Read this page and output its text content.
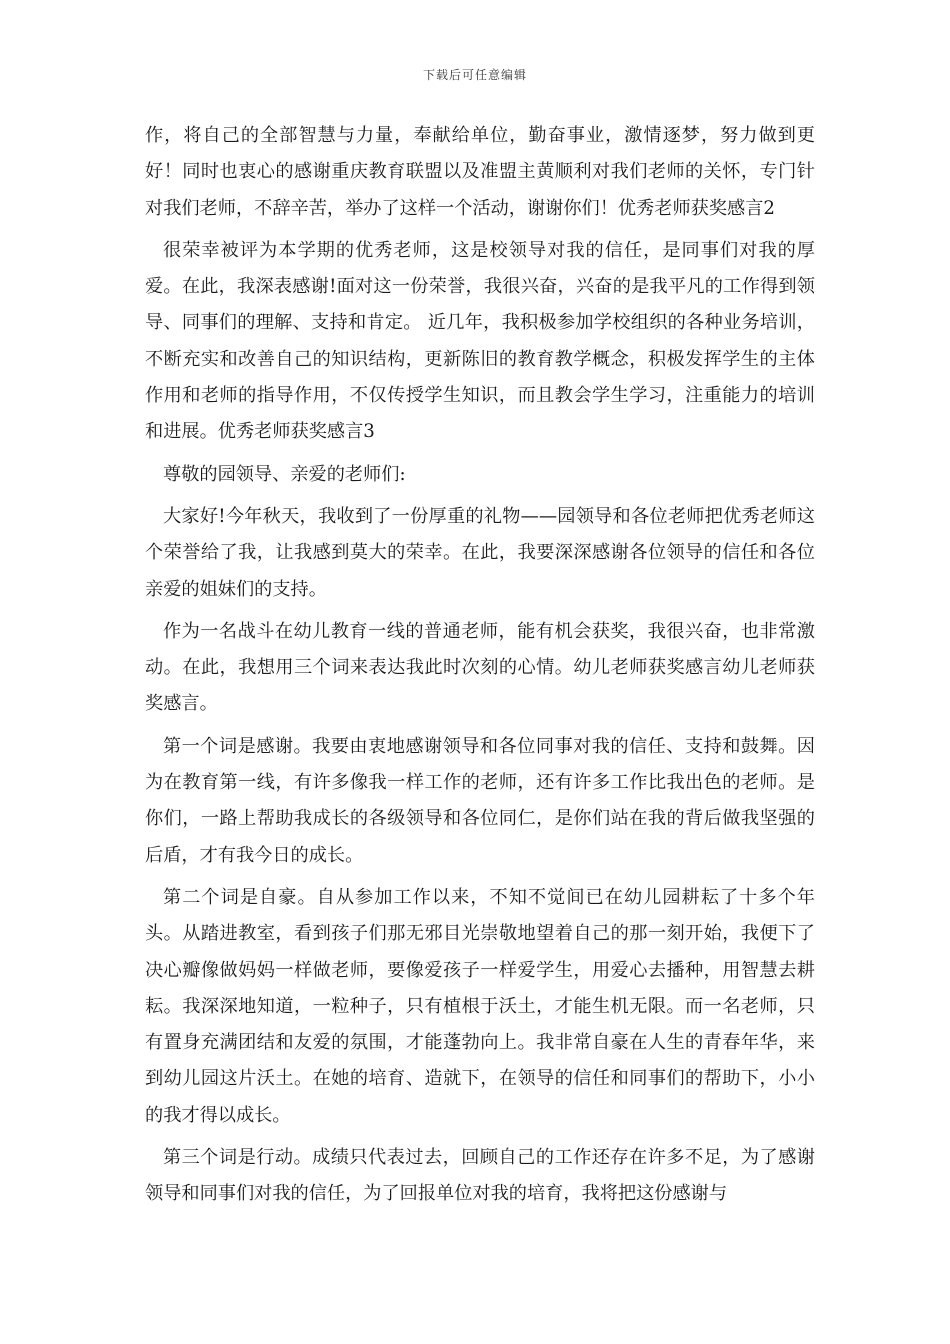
下载后可任意编辑

作，将自己的全部智慧与力量，奉献给单位，勤奋事业，激情逐梦，努力做到更好！同时也衷心的感谢重庆教育联盟以及准盟主黄顺利对我们老师的关怀，专门针对我们老师，不辞辛苦，举办了这样一个活动，谢谢你们！优秀老师获奖感言2

很荣幸被评为本学期的优秀老师，这是校领导对我的信任，是同事们对我的厚爱。在此，我深表感谢!面对这一份荣誉，我很兴奋，兴奋的是我平凡的工作得到领导、同事们的理解、支持和肯定。 近几年，我积极参加学校组织的各种业务培训，不断充实和改善自己的知识结构，更新陈旧的教育教学概念，积极发挥学生的主体作用和老师的指导作用，不仅传授学生知识，而且教会学生学习，注重能力的培训和进展。优秀老师获奖感言3

尊敬的园领导、亲爱的老师们:

大家好!今年秋天，我收到了一份厚重的礼物——园领导和各位老师把优秀老师这个荣誉给了我，让我感到莫大的荣幸。在此，我要深深感谢各位领导的信任和各位亲爱的姐妹们的支持。

作为一名战斗在幼儿教育一线的普通老师，能有机会获奖，我很兴奋，也非常激动。在此，我想用三个词来表达我此时次刻的心情。幼儿老师获奖感言幼儿老师获奖感言。

第一个词是感谢。我要由衷地感谢领导和各位同事对我的信任、支持和鼓舞。因为在教育第一线，有许多像我一样工作的老师，还有许多工作比我出色的老师。是你们，一路上帮助我成长的各级领导和各位同仁，是你们站在我的背后做我坚强的后盾，才有我今日的成长。

第二个词是自豪。自从参加工作以来，不知不觉间已在幼儿园耕耘了十多个年头。从踏进教室，看到孩子们那无邪目光崇敬地望着自己的那一刻开始，我便下了决心瓣像做妈妈一样做老师，要像爱孩子一样爱学生，用爱心去播种，用智慧去耕耘。我深深地知道，一粒种子，只有植根于沃土，才能生机无限。而一名老师，只有置身充满团结和友爱的氛围，才能蓬勃向上。我非常自豪在人生的青春年华，来到幼儿园这片沃土。在她的培育、造就下，在领导的信任和同事们的帮助下，小小的我才得以成长。

第三个词是行动。成绩只代表过去，回顾自己的工作还存在许多不足，为了感谢领导和同事们对我的信任，为了回报单位对我的培育，我将把这份感谢与
